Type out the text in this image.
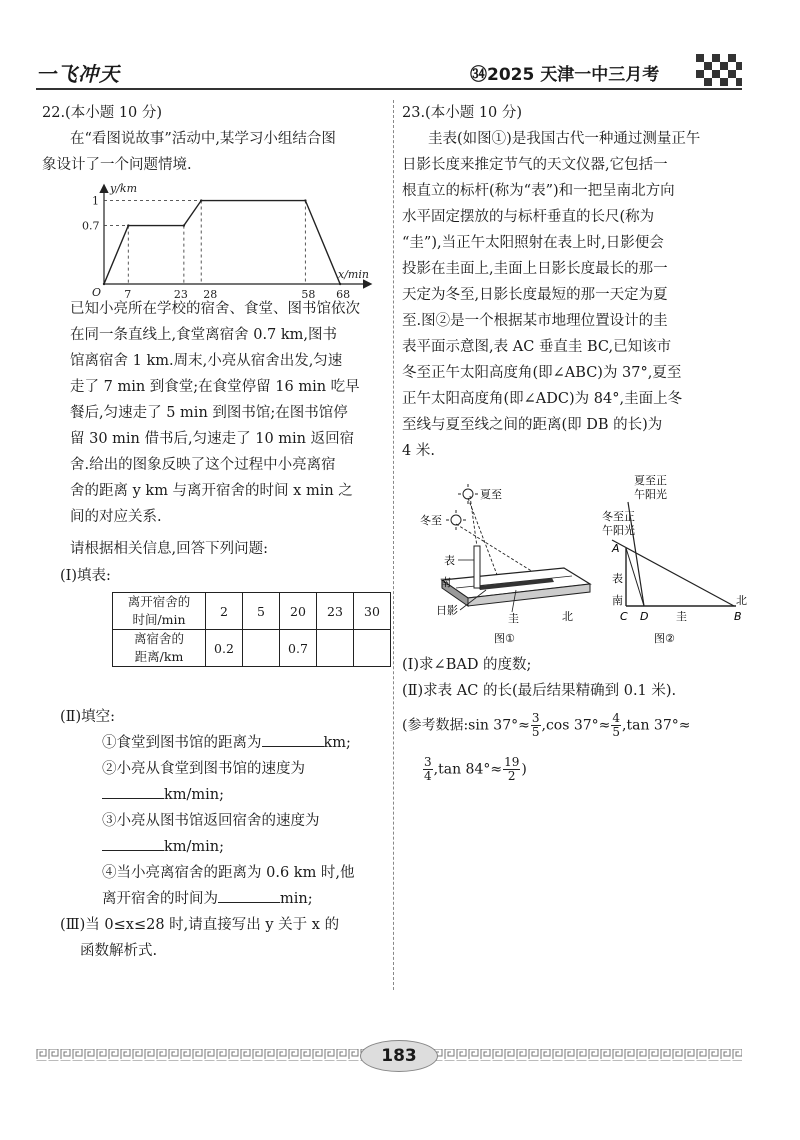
一飞冲天	㉞2025 天津一中三月考
22.(本小题 10 分)
在“看图说故事”活动中,某学习小组结合图
象设计了一个问题情境.
7	23 28	58 68
0.7
1
y/km
x/min
O
已知小亮所在学校的宿舍、食堂、图书馆依次
在同一条直线上,食堂离宿舍 0.7 km,图书
馆离宿舍 1 km.周末,小亮从宿舍出发,匀速
走了 7 min 到食堂;在食堂停留 16 min 吃早
餐后,匀速走了 5 min 到图书馆;在图书馆停
留 30 min 借书后,匀速走了 10 min 返回宿
舍.给出的图象反映了这个过程中小亮离宿
舍的距离 y km 与离开宿舍的时间 x min 之
间的对应关系.
请根据相关信息,回答下列问题:
(Ⅰ)填表:
离开宿舍的
时间/min	2	5	20	23	30

离宿舍的
距离/km	0.2		0.7		
(Ⅱ)填空:
①食堂到图书馆的距离为	km;
②小亮从食堂到图书馆的速度为
km/min;
③小亮从图书馆返回宿舍的速度为
km/min;
④当小亮离宿舍的距离为 0.6 km 时,他
离开宿舍的时间为	min;
(Ⅲ)当 0≤x≤28 时,请直接写出 y 关于 x 的
函数解析式.
23.(本小题 10 分)
圭表(如图①)是我国古代一种通过测量正午
日影长度来推定节气的天文仪器,它包括一
根直立的标杆(称为“表”)和一把呈南北方向
水平固定摆放的与标杆垂直的长尺(称为
“圭”),当正午太阳照射在表上时,日影便会
投影在圭面上,圭面上日影长度最长的那一
天定为冬至,日影长度最短的那一天定为夏
至.图②是一个根据某市地理位置设计的圭
表平面示意图,表 AC 垂直圭 BC,已知该市
冬至正午太阳高度角(即∠ABC)为 37°,夏至
正午太阳高度角(即∠ADC)为 84°,圭面上冬
至线与夏至线之间的距离(即 DB 的长)为
4 米.
夏至
冬至
表
南
日影
圭	北
图①
夏至正
午阳光
冬至正
午阳光
A
表
南
C D	圭	B
北
图②
(Ⅰ)求∠BAD 的度数;
(Ⅱ)求表 AC 的长(最后结果精确到 0.1 米).
(参考数据:sin $37^\circ\approx \frac{3}{5} ,\cos$ $37^\circ\approx \frac{4}{5} ,\tan$ 37°≈
$\frac{3}{4} ,\tan$ $84^\circ\approx \frac{19}{2}$ )
183
